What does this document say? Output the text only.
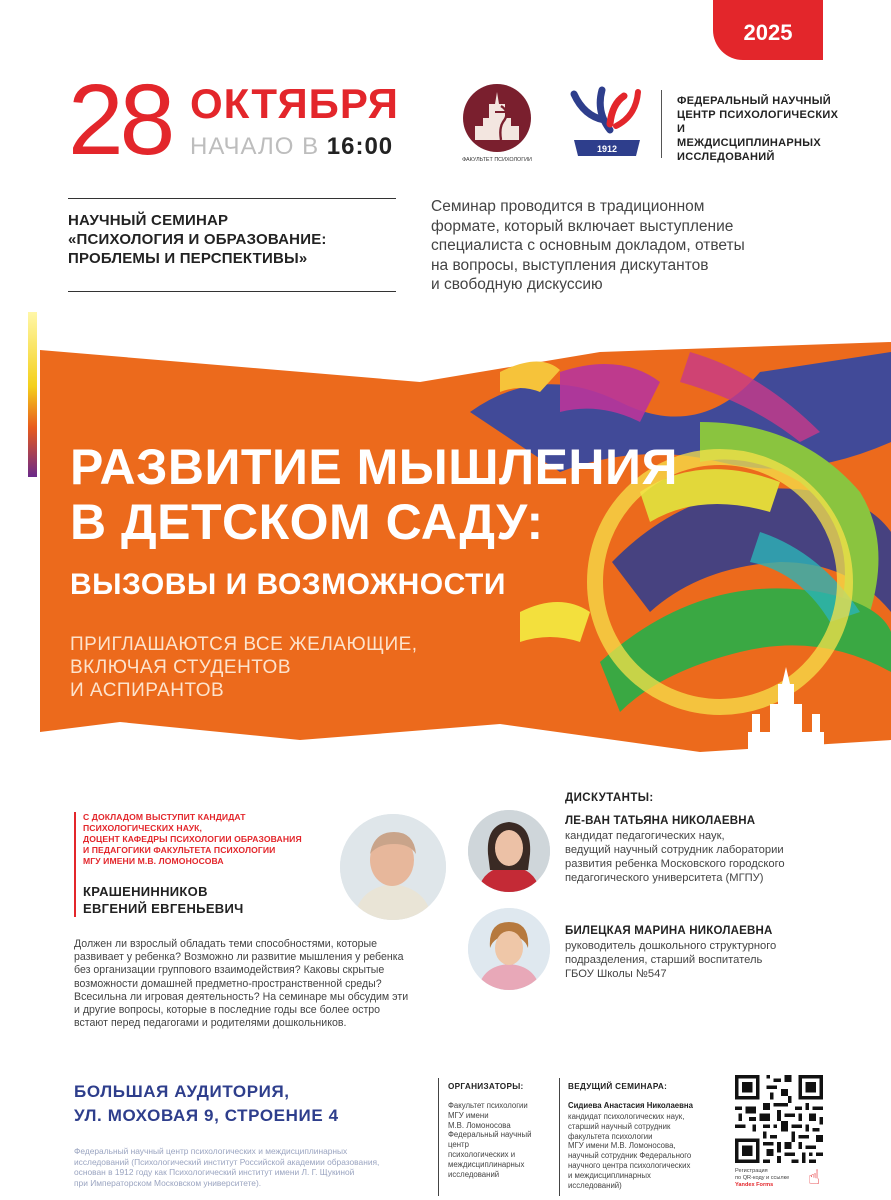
2025
28 ОКТЯБРЯ
НАЧАЛО В 16:00	ФАКУЛЬТЕТ ПСИХОЛОГИИ
1912
ФЕДЕРАЛЬНЫЙ НАУЧНЫЙ
ЦЕНТР ПСИХОЛОГИЧЕСКИХ И
МЕЖДИСЦИПЛИНАРНЫХ
ИССЛЕДОВАНИЙ
НАУЧНЫЙ СЕМИНАР
«ПСИХОЛОГИЯ И ОБРАЗОВАНИЕ:
ПРОБЛЕМЫ И ПЕРСПЕКТИВЫ»
Семинар проводится в традиционном
формате, который включает выступление
специалиста с основным докладом, ответы
на вопросы, выступления дискутантов
и свободную дискуссию
РАЗВИТИЕ МЫШЛЕНИЯ
В ДЕТСКОМ САДУ:
ВЫЗОВЫ И ВОЗМОЖНОСТИ
ПРИГЛАШАЮТСЯ ВСЕ ЖЕЛАЮЩИЕ,
ВКЛЮЧАЯ СТУДЕНТОВ
И АСПИРАНТОВ
С ДОКЛАДОМ ВЫСТУПИТ КАНДИДАТ
ПСИХОЛОГИЧЕСКИХ НАУК,
ДОЦЕНТ КАФЕДРЫ ПСИХОЛОГИИ ОБРАЗОВАНИЯ
И ПЕДАГОГИКИ ФАКУЛЬТЕТА ПСИХОЛОГИИ
МГУ ИМЕНИ М.В. ЛОМОНОСОВА
КРАШЕНИННИКОВ
ЕВГЕНИЙ ЕВГЕНЬЕВИЧ
Должен ли взрослый обладать теми способностями, которые
развивает у ребенка? Возможно ли развитие мышления у ребенка
без организации группового взаимодействия? Каковы скрытые
возможности домашней предметно-пространственной среды?
Всесильна ли игровая деятельность? На семинаре мы обсудим эти
и другие вопросы, которые в последние годы все более остро
встают перед педагогами и родителями дошкольников.
ДИСКУТАНТЫ:
ЛЕ-ВАН ТАТЬЯНА НИКОЛАЕВНА
кандидат педагогических наук,
ведущий научный сотрудник лаборатории
развития ребенка Московского городского
педагогического университета (МГПУ)
БИЛЕЦКАЯ МАРИНА НИКОЛАЕВНА
руководитель дошкольного структурного
подразделения, старший воспитатель
ГБОУ Школы №547
БОЛЬШАЯ АУДИТОРИЯ,
УЛ. МОХОВАЯ 9, СТРОЕНИЕ 4
Федеральный научный центр психологических и междисциплинарных
исследований (Психологический институт Российской академии образования,
основан в 1912 году как Психологический институт имени Л. Г. Щукиной
при Императорском Московском университете).
ОРГАНИЗАТОРЫ:
Факультет психологии
МГУ имени
М.В. Ломоносова
Федеральный научный
центр
психологических и
междисциплинарных
исследований
ВЕДУЩИЙ СЕМИНАРА:
Сидиева Анастасия Николаевна
кандидат психологических наук,
старший научный сотрудник
факультета психологии
МГУ имени М.В. Ломоносова,
научный сотрудник Федерального
научного центра психологических
и междисциплинарных
исследований)
Регистрация
по QR-коду и ссылке
Yandex Forms	☝
